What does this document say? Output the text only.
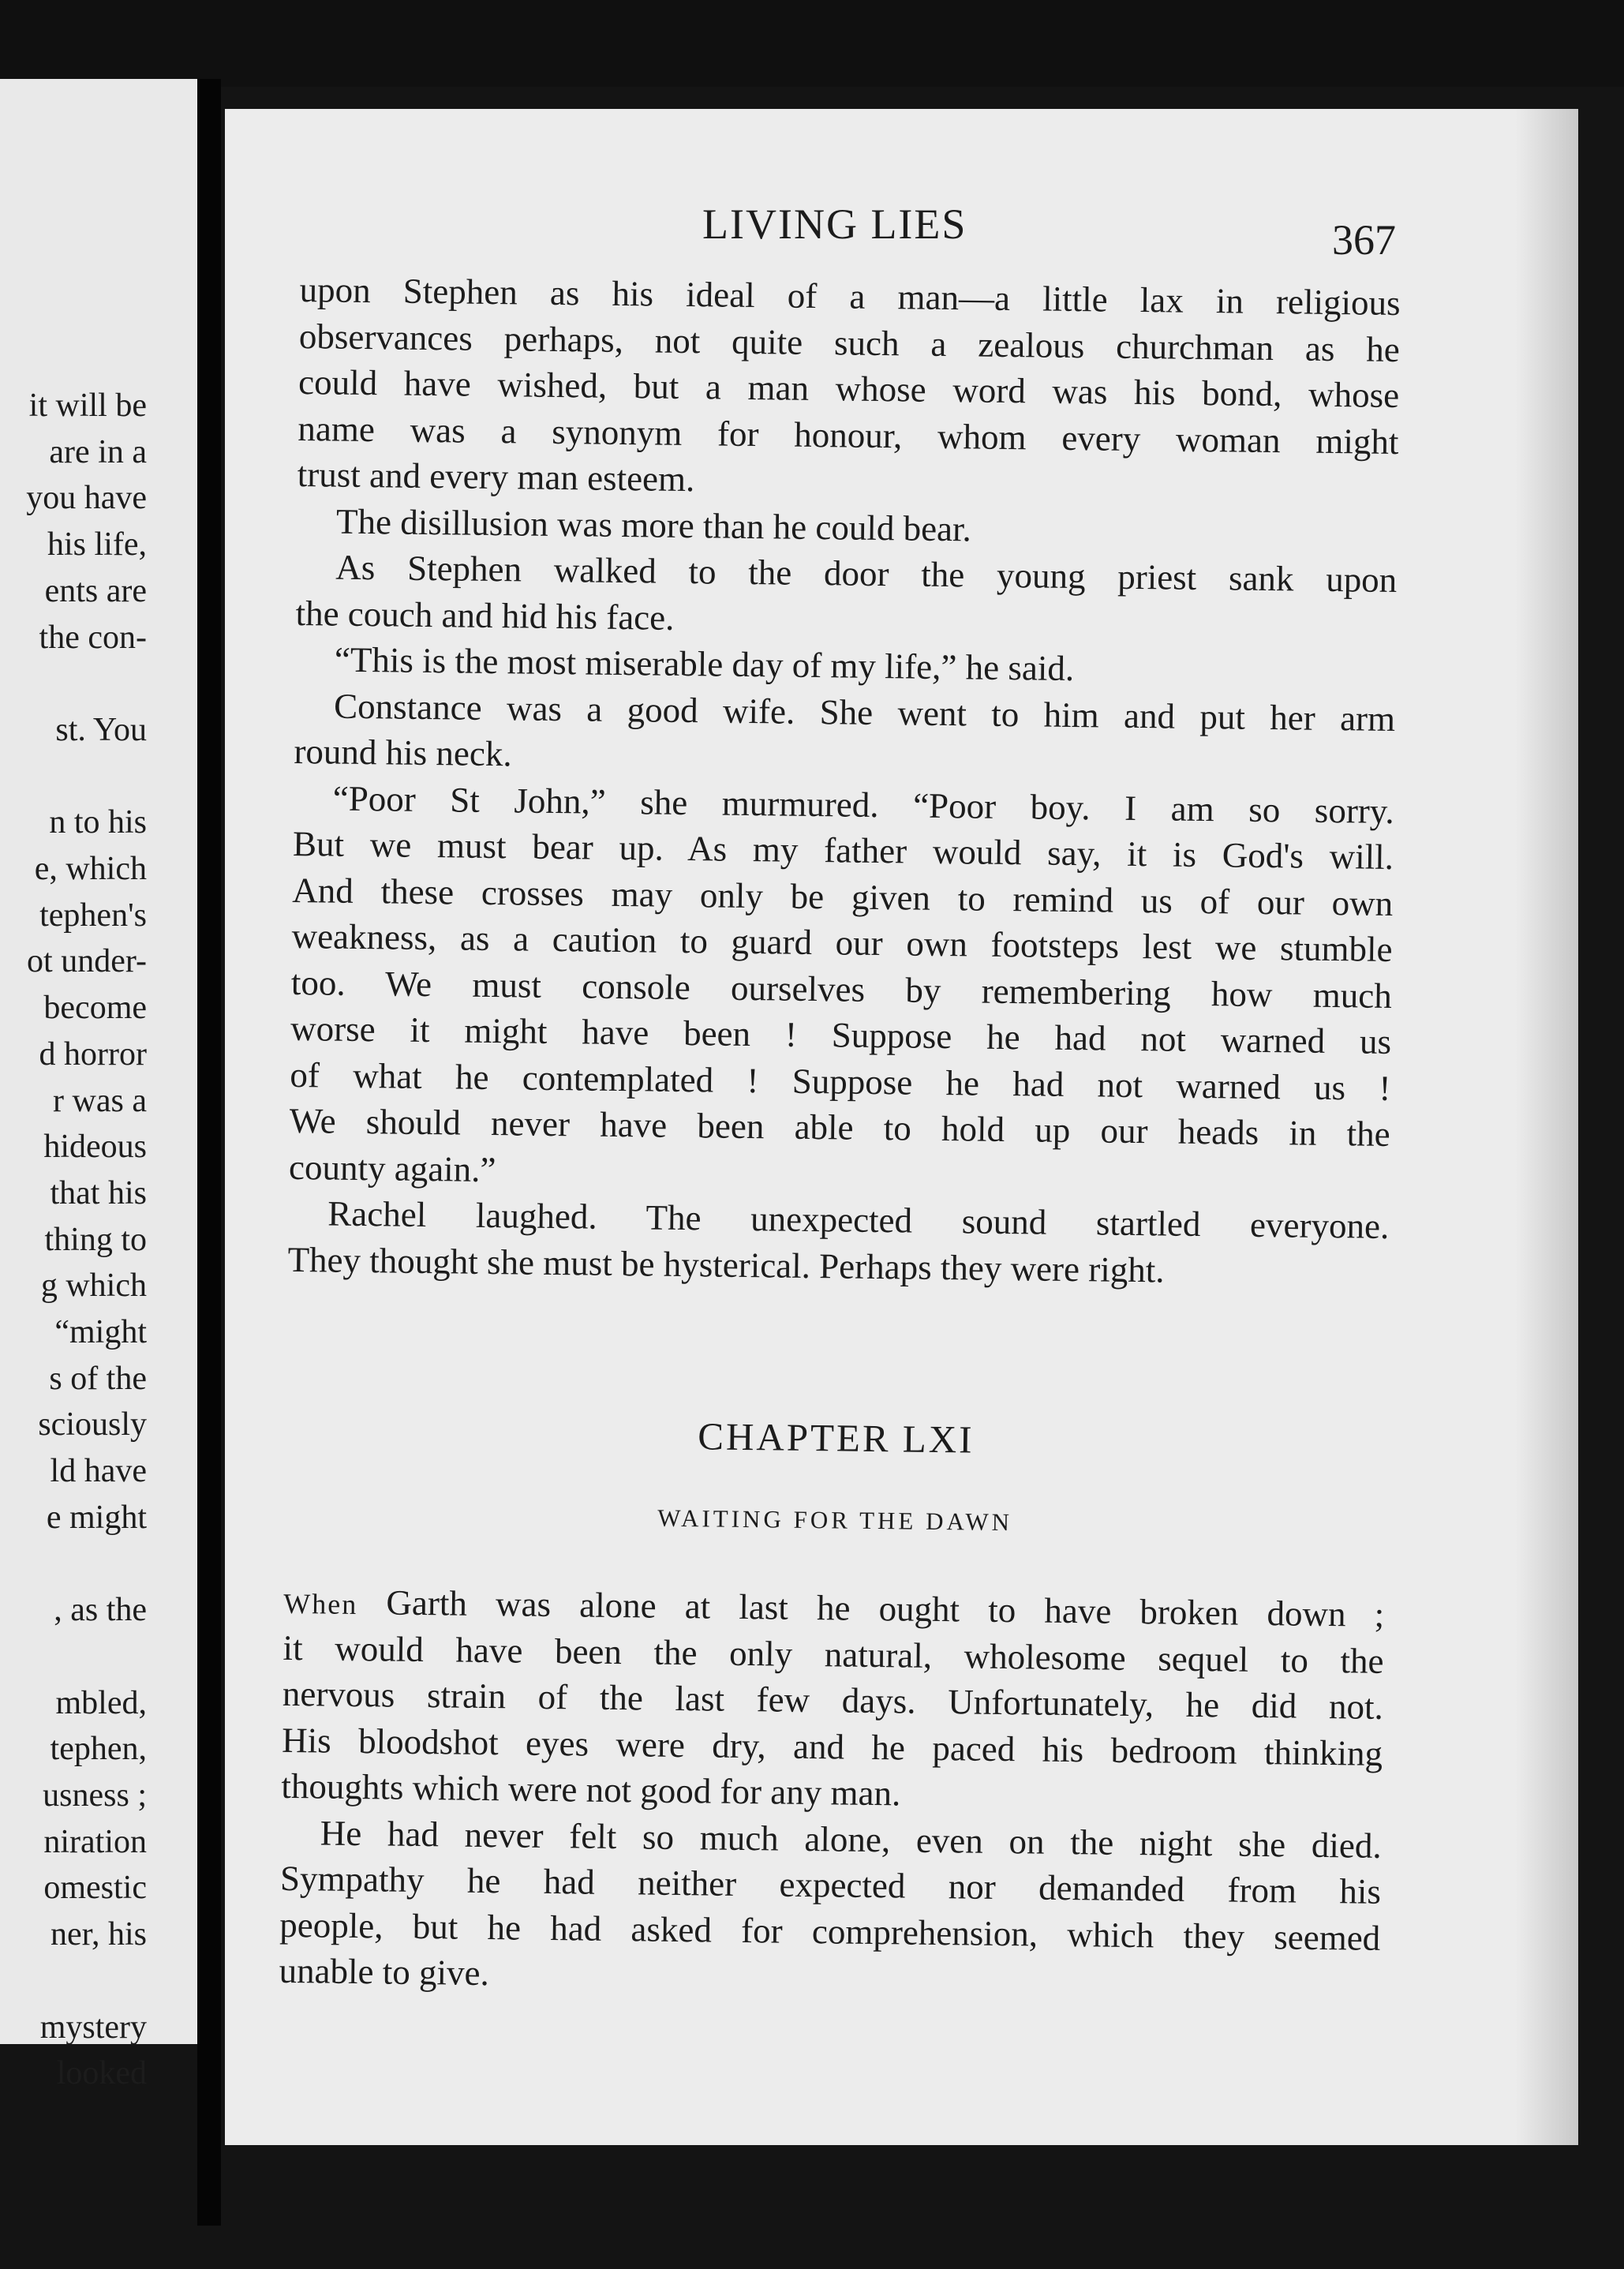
it will be
are in a
you have
his life,
ents are
the con-
st. You
n to his
e, which
tephen's
ot under-
become
d horror
r was a
hideous
that his
thing to
g which
“might
s of the
sciously
ld have
e might
, as the
mbled,
tephen,
usness ;
niration
omestic
ner, his
mystery
looked
LIVING LIES	367

upon Stephen as his ideal of a man—a little lax in religious

observances perhaps, not quite such a zealous churchman as he

could have wished, but a man whose word was his bond, whose

name was a synonym for honour, whom every woman might

trust and every man esteem.

The disillusion was more than he could bear.

As Stephen walked to the door the young priest sank upon

the couch and hid his face.

“This is the most miserable day of my life,” he said.

Constance was a good wife. She went to him and put her arm

round his neck.

“Poor St John,” she murmured. “Poor boy. I am so sorry.

But we must bear up. As my father would say, it is God's will.

And these crosses may only be given to remind us of our own

weakness, as a caution to guard our own footsteps lest we stumble

too. We must console ourselves by remembering how much

worse it might have been ! Suppose he had not warned us

of what he contemplated ! Suppose he had not warned us !

We should never have been able to hold up our heads in the

county again.”

Rachel laughed. The unexpected sound startled everyone.

They thought she must be hysterical. Perhaps they were right.

CHAPTER LXI
WAITING FOR THE DAWN

When Garth was alone at last he ought to have broken down ;

it would have been the only natural, wholesome sequel to the

nervous strain of the last few days. Unfortunately, he did not.

His bloodshot eyes were dry, and he paced his bedroom thinking

thoughts which were not good for any man.

He had never felt so much alone, even on the night she died.

Sympathy he had neither expected nor demanded from his

people, but he had asked for comprehension, which they seemed

unable to give.
